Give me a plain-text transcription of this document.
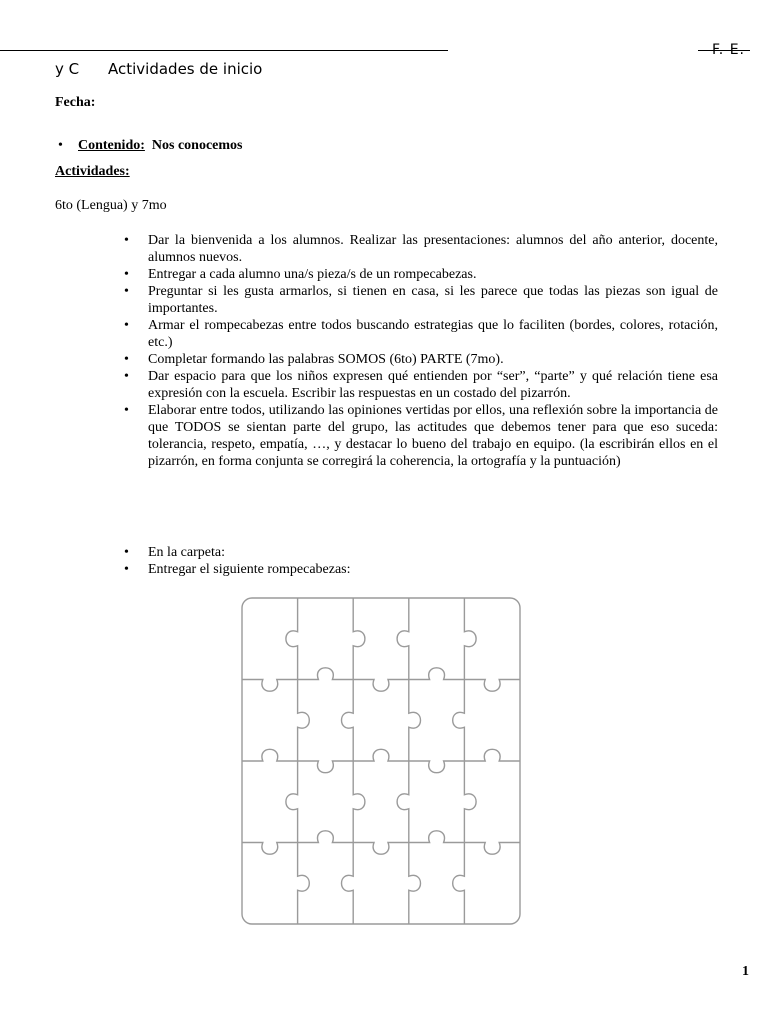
F. E.
y C Actividades de inicio
Fecha:
• Contenido: Nos conocemos
Actividades:
6to (Lengua) y 7mo
• Dar la bienvenida a los alumnos. Realizar las presentaciones: alumnos del año anterior, docente, alumnos nuevos.
• Entregar a cada alumno una/s pieza/s de un rompecabezas.
• Preguntar si les gusta armarlos, si tienen en casa, si les parece que todas las piezas son igual de importantes.
• Armar el rompecabezas entre todos buscando estrategias que lo faciliten (bordes, colores, rotación, etc.)
• Completar formando las palabras SOMOS (6to) PARTE (7mo).
• Dar espacio para que los niños expresen qué entienden por “ser”, “parte” y qué relación tiene esa expresión con la escuela. Escribir las respuestas en un costado del pizarrón.
• Elaborar entre todos, utilizando las opiniones vertidas por ellos, una reflexión sobre la importancia de que TODOS se sientan parte del grupo, las actitudes que debemos tener para que eso suceda: tolerancia, respeto, empatía, …, y destacar lo bueno del trabajo en equipo. (la escribirán ellos en el pizarrón, en forma conjunta se corregirá la coherencia, la ortografía y la puntuación)
• En la carpeta:
• Entregar el siguiente rompecabezas:
1
